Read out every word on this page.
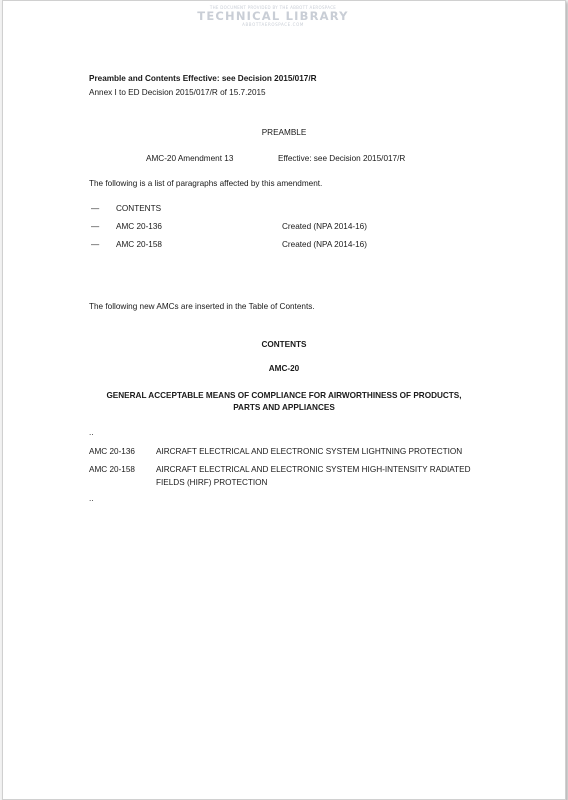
THE DOCUMENT PROVIDED BY THE ABBOTT AEROSPACE
TECHNICAL LIBRARY
ABBOTTAEROSPACE.COM
Preamble and Contents Effective: see Decision 2015/017/R
Annex I to ED Decision 2015/017/R of 15.7.2015
PREAMBLE
AMC-20 Amendment 13	Effective: see Decision 2015/017/R
The following is a list of paragraphs affected by this amendment.
— CONTENTS
— AMC 20-136	Created (NPA 2014-16)
— AMC 20-158	Created (NPA 2014-16)
The following new AMCs are inserted in the Table of Contents.
CONTENTS
AMC-20
GENERAL ACCEPTABLE MEANS OF COMPLIANCE FOR AIRWORTHINESS OF PRODUCTS,
PARTS AND APPLIANCES
..
AMC 20-136	AIRCRAFT ELECTRICAL AND ELECTRONIC SYSTEM LIGHTNING PROTECTION
AMC 20-158	AIRCRAFT ELECTRICAL AND ELECTRONIC SYSTEM HIGH-INTENSITY RADIATED
FIELDS (HIRF) PROTECTION
..
